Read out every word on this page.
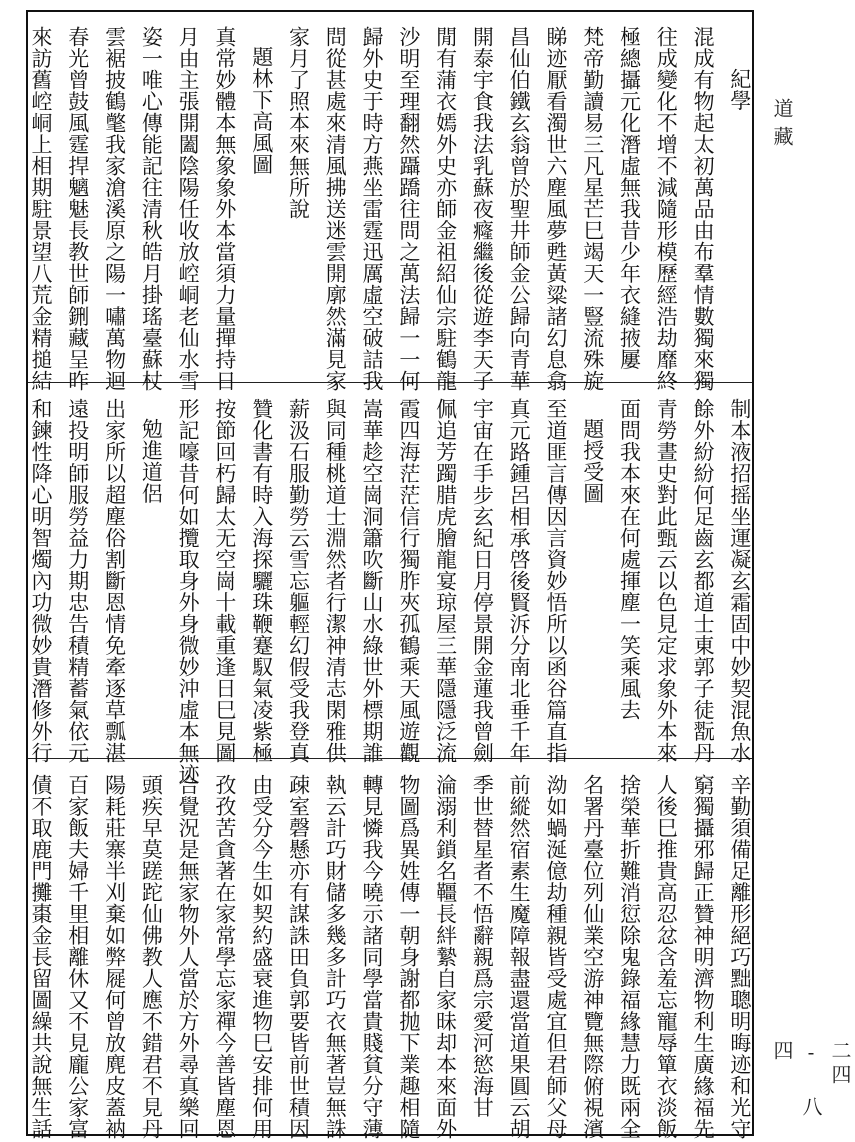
紀學
混成有物起太初萬品由布羣情數獨來獨
往成變化不增不減隨形模歷經浩劫靡終
極總攝元化潛虛無我昔少年衣縫掖屢
梵帝勤讀易三凡星芒巳竭天一豎流殊旋
睇迹厭看濁世六塵風夢甦黃粱諸幻息翕
昌仙伯鐵玄翁曾於聖井師金公歸向青華
開泰宇食我法乳蘇夜癃繼後從遊李天子
閒有蒲衣嫣外史亦師金祖紹仙宗駐鶴龍
沙明至理翻然躡蹻往問之萬法歸一一何
歸外史于時方燕坐雷霆迅厲虛空破詰我
問從甚處來清風拂送迷雲開廓然滿見家
家月了照本來無所說
題林下高風圖
真常妙體本無象象外本當須力量撣持日
月由主張開闔陰陽任收放崆峒老仙水雪
姿一唯心傳能記往清秋皓月掛瑤臺蘇杖
雲裾披鶴氅我家滄溪原之陽一嘯萬物迴
春光曾鼓風霆捍魑魅長教世師鉶藏呈昨
來訪舊崆峒上相期駐景望八荒金精搥結
制本液招摇坐運凝玄霜固中妙契混魚水
餘外紛紛何足齒玄都道士東郭子徒翫丹
青勞晝史對此甄云以色見定求象外本來
面問我本來在何處揮塵一笑乘風去
題授受圖
至道匪言傳因言資妙悟所以函谷篇直指
真元路鍾呂相承啓後賢泝分南北垂千年
宇宙在手步玄紀日月停景開金蓮我曾劍
佩追芳躅腊虎膾龍宴琼屋三華隱隱泛流
霞四海茫茫信行獨胙夾孤鶴乘天風遊觀
嵩華趁空崗洞簫吹斷山水綠世外標期誰
與同種桃道士淵然者行潔神清志閑雅供
薪汲石服勤勞云雪忘軀輕幻假受我登真
贊化書有時入海探驪珠鞭蹇馭氣凌紫極
按節回朽歸太无空崗十載重逢日巳見圖
形記嚎昔何如攬取身外身微妙沖虛本無迹
勉進道侶
出家所以超塵俗割斷恩情免牽逐草瓢湛
遠投明師服勞益力期忠告積精蓄氣依元
和鍊性降心明智燭內功微妙貴潛修外行
辛勤須備足離形絕巧黜聰明晦迹和光守
窮獨攝邪歸正贊神明濟物利生廣緣福先
人後巳推貴高忍忿含羞忘寵辱簞衣淡飯
捨榮華折難消愆除鬼錄福緣慧力既兩全
名署丹臺位列仙業空游神覽無際俯視濱
泑如蝸涎億劫種親皆受處宜但君師父母
前縱然宿素生魔障報盡還當道果圓云胡
季世替星者不悟辭親爲宗愛河慾海甘
淪溺利鎖名韁長絆縶自家昧却本來面外
物圖爲異姓傳一朝身謝都抛下業趣相隨
轉見憐我今曉示諸同學當貴賤貧分守薄
執云計巧財儲多幾多計巧衣無著豈無誅
疎室磬懸亦有謀誅田負郭要皆前世積因
由受分今生如契約盛衰進物巳安排何用
孜孜苦貪著在家常學忘家禪今善皆塵恩
合覺況是無家物外人當於方外尋真樂回
頭疾早莫蹉跎仙佛教人應不錯君不見丹
陽耗莊寨半刈棄如弊屣何曾放麂皮蓋衲
百家飯夫婦千里相離休又不見龐公家富
債不取鹿門攤棗金長留圖繰共說無生話
道藏
二四 - 八四
